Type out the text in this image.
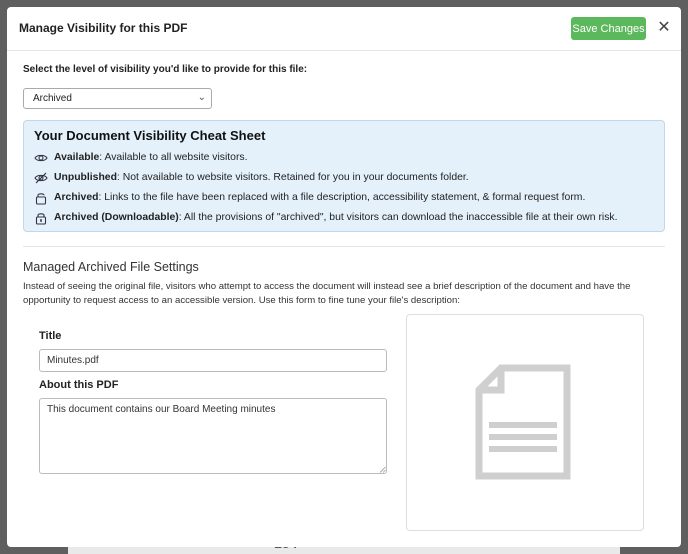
Manage Visibility for this PDF	Save Changes ✕
Select the level of visibility you'd like to provide for this file:
Archived	⌄
Your Document Visibility Cheat Sheet
Available: Available to all website visitors.
Unpublished: Not available to website visitors. Retained for you in your documents folder.
Archived: Links to the file have been replaced with a file description, accessibility statement, & formal request form.
Archived (Downloadable): All the provisions of "archived", but visitors can download the inaccessible file at their own risk.
Managed Archived File Settings
Instead of seeing the original file, visitors who attempt to access the document will instead see a brief description of the document and have the opportunity to request access to an accessible version. Use this form to fine tune your file's description:
Title
Minutes.pdf
About this PDF
This document contains our Board Meeting minutes
